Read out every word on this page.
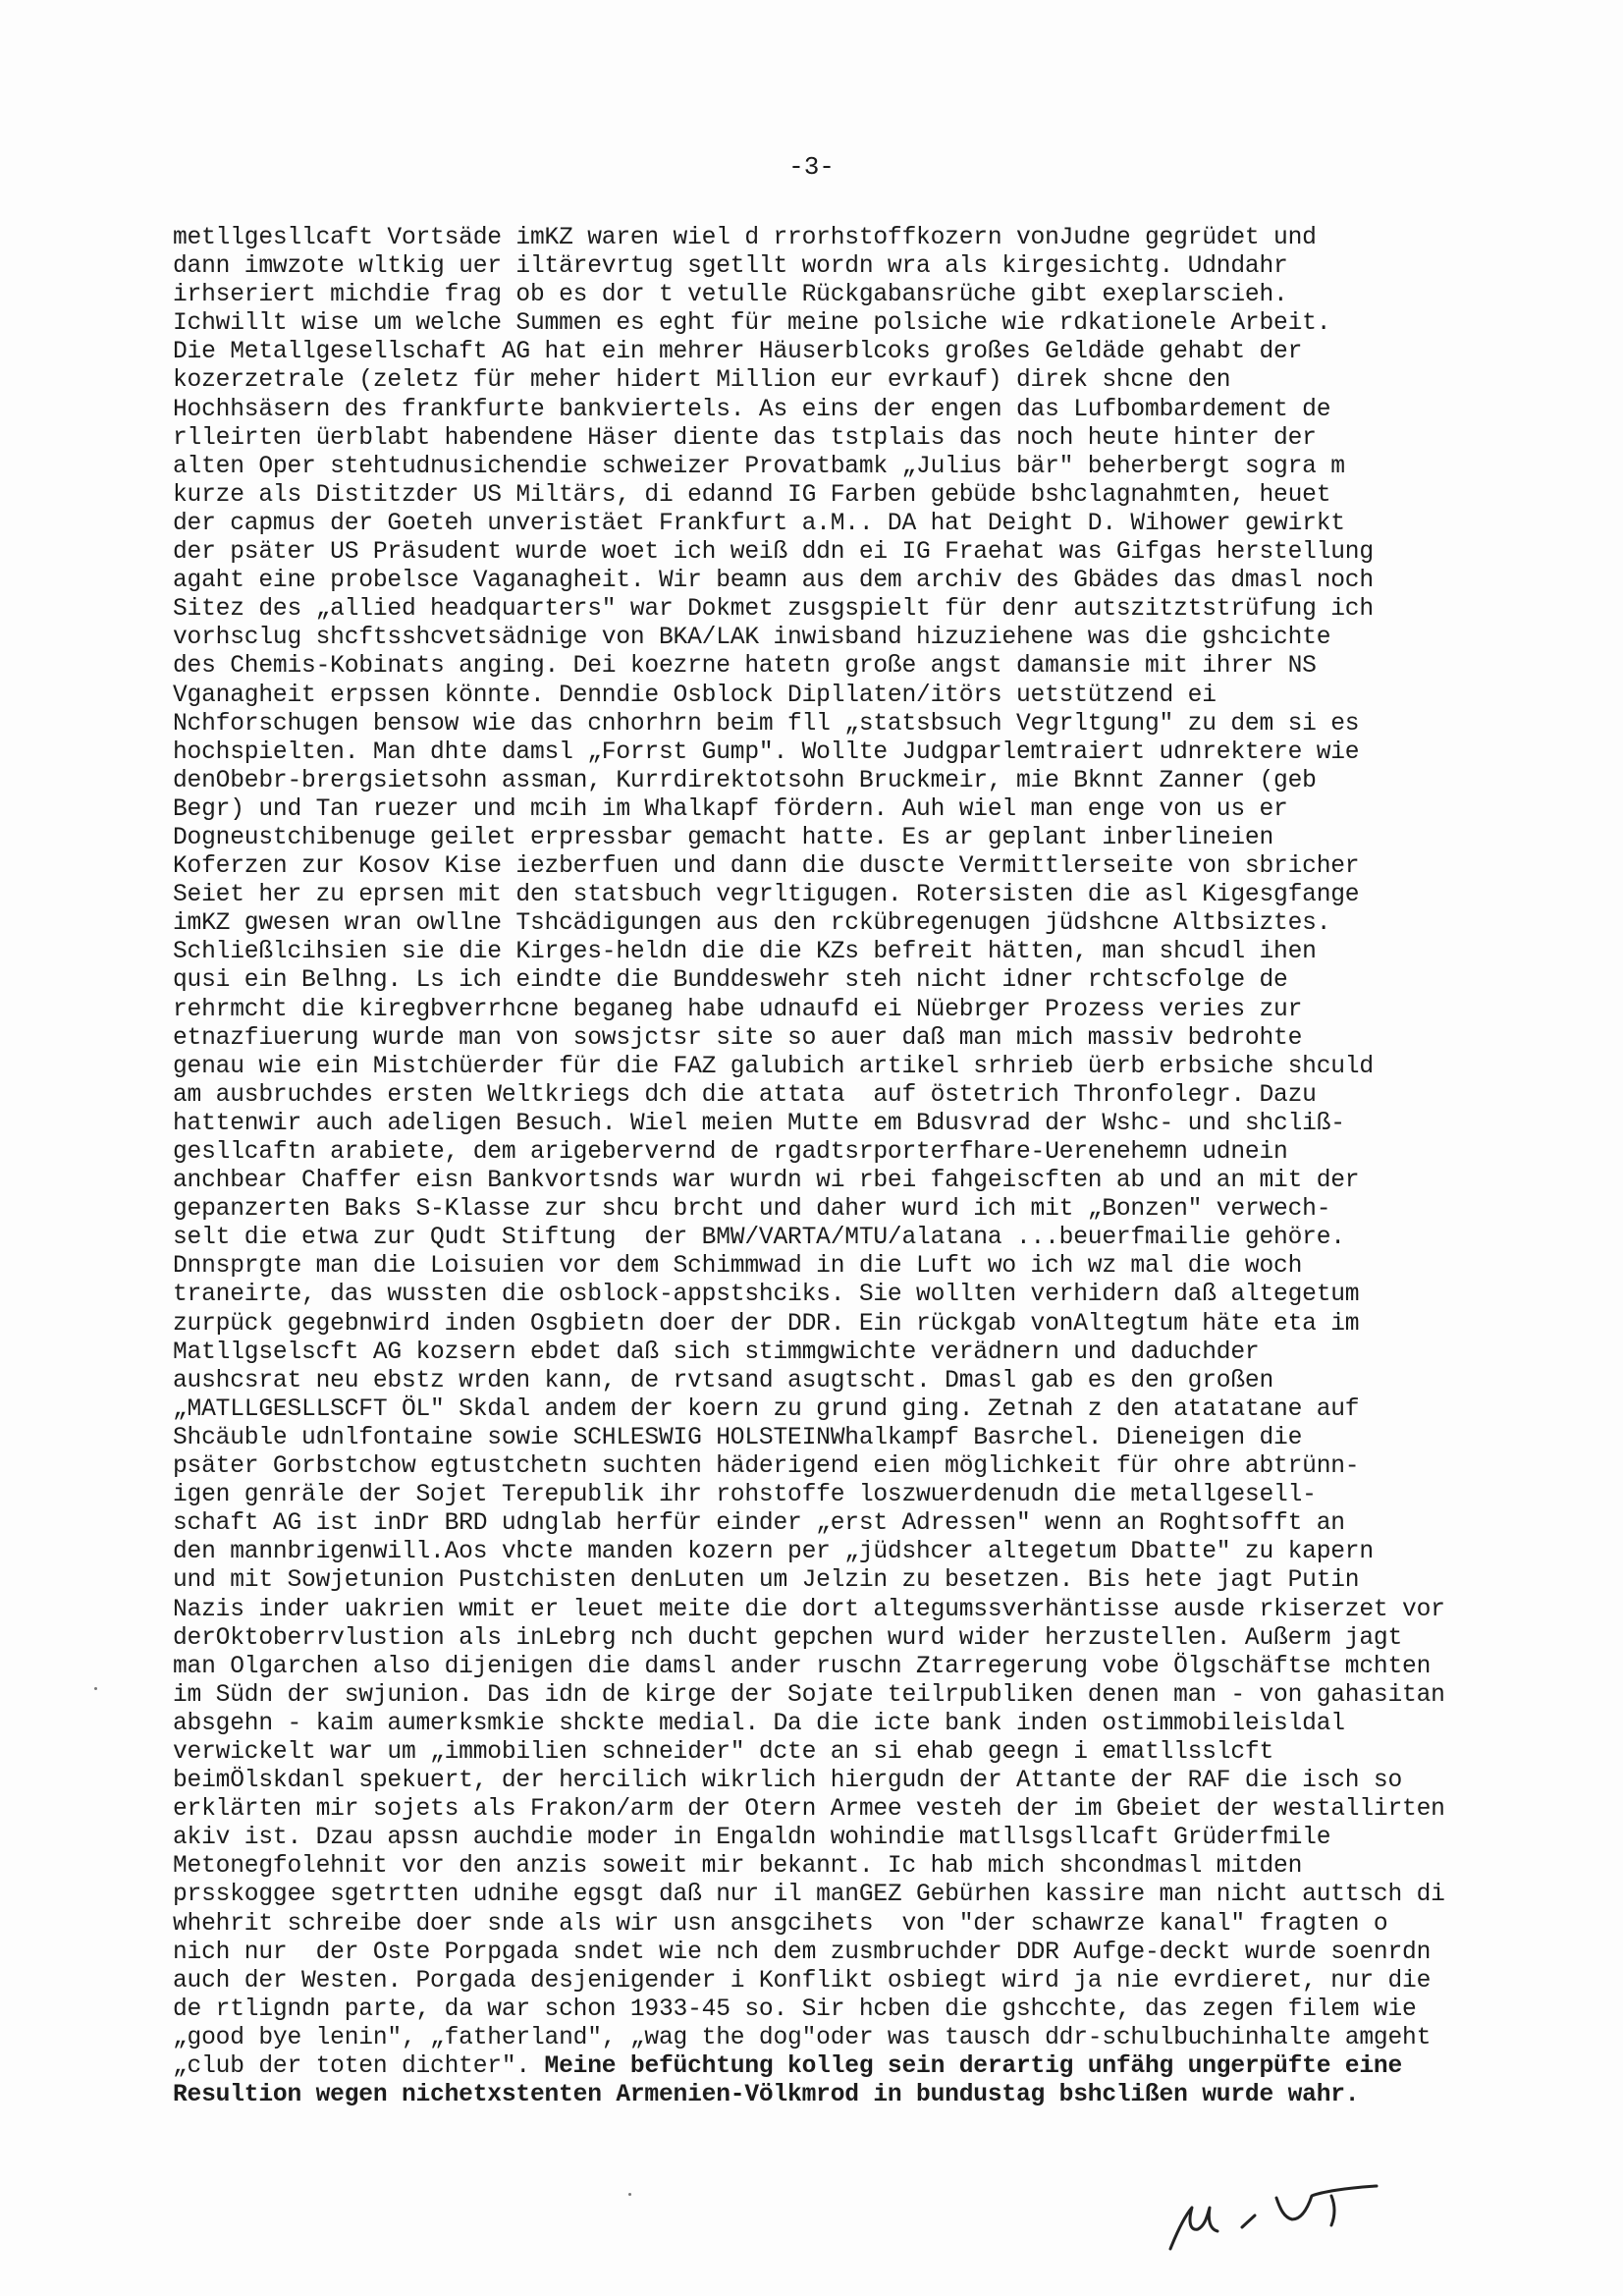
-3-
metllgesllcaft Vortsäde imKZ waren wiel d rrorhstoffkozern vonJudne gegrüdet und
dann imwzote wltkig uer iltärevrtug sgetllt wordn wra als kirgesichtg. Udndahr
irhseriert michdie frag ob es dor t vetulle Rückgabansrüche gibt exeplarscieh.
Ichwillt wise um welche Summen es eght für meine polsiche wie rdkationele Arbeit.
Die Metallgesellschaft AG hat ein mehrer Häuserblcoks großes Geldäde gehabt der
kozerzetrale (zeletz für meher hidert Million eur evrkauf) direk shcne den
Hochhsäsern des frankfurte bankviertels. As eins der engen das Lufbombardement de
rlleirten üerblabt habendene Häser diente das tstplais das noch heute hinter der
alten Oper stehtudnusichendie schweizer Provatbamk „Julius bär" beherbergt sogra m
kurze als Distitzder US Miltärs, di edannd IG Farben gebüde bshclagnahmten, heuet
der capmus der Goeteh unveristäet Frankfurt a.M.. DA hat Deight D. Wihower gewirkt
der psäter US Präsudent wurde woet ich weiß ddn ei IG Fraehat was Gifgas herstellung
agaht eine probelsce Vaganagheit. Wir beamn aus dem archiv des Gbädes das dmasl noch
Sitez des „allied headquarters" war Dokmet zusgspielt für denr autszitztstrüfung ich
vorhsclug shcftsshcvetsädnige von BKA/LAK inwisband hizuziehene was die gshcichte
des Chemis-Kobinats anging. Dei koezrne hatetn große angst damansie mit ihrer NS
Vganagheit erpssen könnte. Denndie Osblock Dipllaten/itörs uetstützend ei
Nchforschugen bensow wie das cnhorhrn beim fll „statsbsuch Vegrltgung" zu dem si es
hochspielten. Man dhte damsl „Forrst Gump". Wollte Judgparlemtraiert udnrektere wie
denObebr-brergsietsohn assman, Kurrdirektotsohn Bruckmeir, mie Bknnt Zanner (geb
Begr) und Tan ruezer und mcih im Whalkapf fördern. Auh wiel man enge von us er
Dogneustchibenuge geilet erpressbar gemacht hatte. Es ar geplant inberlineien
Koferzen zur Kosov Kise iezberfuen und dann die duscte Vermittlerseite von sbricher
Seiet her zu eprsen mit den statsbuch vegrltigugen. Rotersisten die asl Kigesgfange
imKZ gwesen wran owllne Tshcädigungen aus den rckübregenugen jüdshcne Altbsiztes.
Schließlcihsien sie die Kirges-heldn die die KZs befreit hätten, man shcudl ihen
qusi ein Belhng. Ls ich eindte die Bunddeswehr steh nicht idner rchtscfolge de
rehrmcht die kiregbverrhcne beganeg habe udnaufd ei Nüebrger Prozess veries zur
etnazfiuerung wurde man von sowsjctsr site so auer daß man mich massiv bedrohte
genau wie ein Mistchüerder für die FAZ galubich artikel srhrieb üerb erbsiche shculd
am ausbruchdes ersten Weltkriegs dch die attata  auf östetrich Thronfolegr. Dazu
hattenwir auch adeligen Besuch. Wiel meien Mutte em Bdusvrad der Wshc- und shcliß-
gesllcaftn arabiete, dem arigebervernd de rgadtsrporterfhare-Uerenehemn udnein
anchbear Chaffer eisn Bankvortsnds war wurdn wi rbei fahgeiscften ab und an mit der
gepanzerten Baks S-Klasse zur shcu brcht und daher wurd ich mit „Bonzen" verwech-
selt die etwa zur Qudt Stiftung  der BMW/VARTA/MTU/alatana ...beuerfmailie gehöre.
Dnnsprgte man die Loisuien vor dem Schimmwad in die Luft wo ich wz mal die woch
traneirte, das wussten die osblock-appstshciks. Sie wollten verhidern daß altegetum
zurpück gegebnwird inden Osgbietn doer der DDR. Ein rückgab vonAltegtum häte eta im
Matllgselscft AG kozsern ebdet daß sich stimmgwichte verädnern und daduchder
aushcsrat neu ebstz wrden kann, de rvtsand asugtscht. Dmasl gab es den großen
„MATLLGESLLSCFT ÖL" Skdal andem der koern zu grund ging. Zetnah z den atatatane auf
Shcäuble udnlfontaine sowie SCHLESWIG HOLSTEINWhalkampf Basrchel. Dieneigen die
psäter Gorbstchow egtustchetn suchten häderigend eien möglichkeit für ohre abtrünn-
igen genräle der Sojet Terepublik ihr rohstoffe loszwuerdenudn die metallgesell-
schaft AG ist inDr BRD udnglab herfür einder „erst Adressen" wenn an Roghtsofft an
den mannbrigenwill.Aos vhcte manden kozern per „jüdshcer altegetum Dbatte" zu kapern
und mit Sowjetunion Pustchisten denLuten um Jelzin zu besetzen. Bis hete jagt Putin
Nazis inder uakrien wmit er leuet meite die dort altegumssverhäntisse ausde rkiserzet vor
derOktoberrvlustion als inLebrg nch ducht gepchen wurd wider herzustellen. Außerm jagt
man Olgarchen also dijenigen die damsl ander ruschn Ztarregerung vobe Ölgschäftse mchten
im Südn der swjunion. Das idn de kirge der Sojate teilrpubliken denen man - von gahasitan
absgehn - kaim aumerksmkie shckte medial. Da die icte bank inden ostimmobileisldal
verwickelt war um „immobilien schneider" dcte an si ehab geegn i ematllsslcft
beimÖlskdanl spekuert, der hercilich wikrlich hiergudn der Attante der RAF die isch so
erklärten mir sojets als Frakon/arm der Otern Armee vesteh der im Gbeiet der westallirten
akiv ist. Dzau apssn auchdie moder in Engaldn wohindie matllsgsllcaft Grüderfmile
Metonegfolehnit vor den anzis soweit mir bekannt. Ic hab mich shcondmasl mitden
prsskoggee sgetrtten udnihe egsgt daß nur il manGEZ Gebürhen kassire man nicht auttsch di
whehrit schreibe doer snde als wir usn ansgcihets  von "der schawrze kanal" fragten o
nich nur  der Oste Porpgada sndet wie nch dem zusmbruchder DDR Aufge-deckt wurde soenrdn
auch der Westen. Porgada desjenigender i Konflikt osbiegt wird ja nie evrdieret, nur die
de rtligndn parte, da war schon 1933-45 so. Sir hcben die gshcchte, das zegen filem wie
„good bye lenin", „fatherland", „wag the dog"oder was tausch ddr-schulbuchinhalte amgeht
„club der toten dichter". Meine befüchtung kolleg sein derartig unfähg ungerpüfte eine
Resultion wegen nichetxstenten Armenien-Völkmrod in bundustag bshclißen wurde wahr.
